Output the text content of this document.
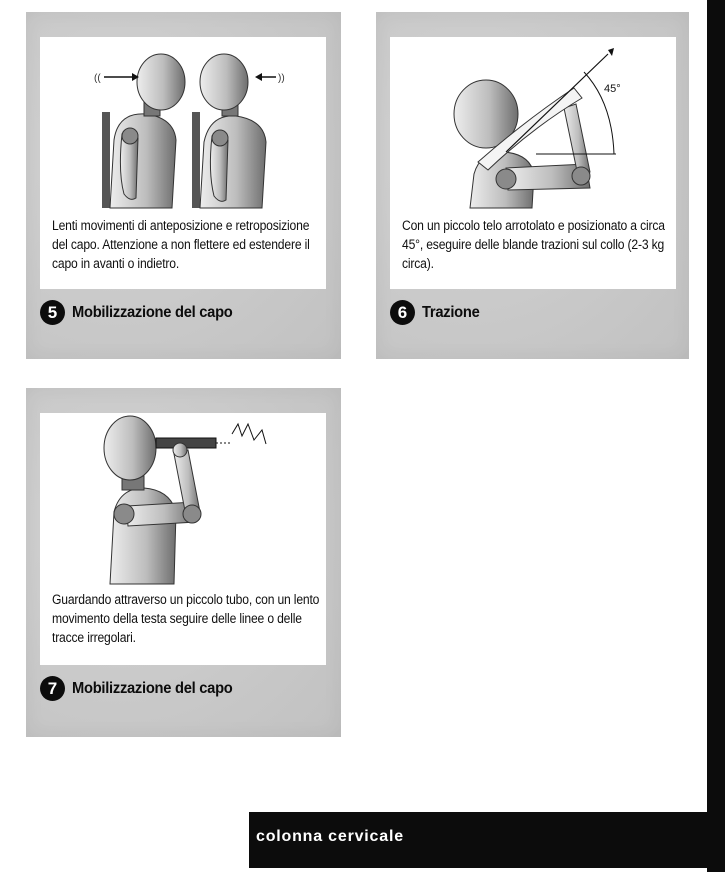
((	))
Lenti movimenti di anteposizione e retroposizione del capo. Attenzione a non flettere ed estendere il capo in avanti o indietro.
5 Mobilizzazione del capo
45°
Con un piccolo telo arrotolato e posizionato a circa 45°, eseguire delle blande trazioni sul collo (2-3 kg circa).
6 Trazione
Guardando attraverso un piccolo tubo, con un lento movimento della testa seguire delle linee o delle tracce irregolari.
7 Mobilizzazione del capo
colonna cervicale
